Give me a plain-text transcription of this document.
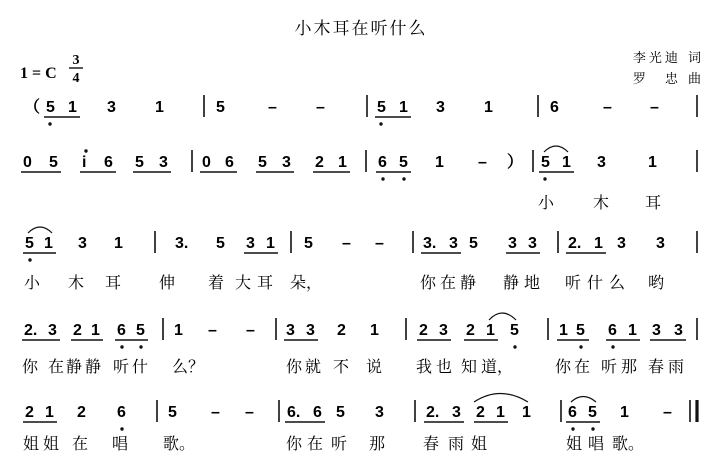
小木耳在听什么
1 = C
3
4
李光迪 词
罗　忠 曲
（ 5 1 3 1	5	– –	5 1 3 1	6	– –
0 5 i 6 5 3 0 6 5 3 2 1 6 5 1 – ） 5 1 3	1
小 木 耳
5 1 3 1	3. 5 3 1 5 – – 3. 3 5 3 3 2. 1 3 3
小 木 耳 伸 着 大 耳 朵，	你 在 静 静 地 听 什 么 哟
2. 3 2 1 6 5 1 – – 3 3 2 1	2 3 2 1 5	1 5 6 1 3 3
你 在 静 静 听 什 么？	你 就 不 说 我 也 知 道，	你 在 听 那 春 雨
2 1 2 6	5 – – 6. 6 5 3	2. 3 2 1 1 6 5 1 –
姐 姐 在 唱 歌。	你 在 听 那 春 雨 姐	姐 唱 歌。
